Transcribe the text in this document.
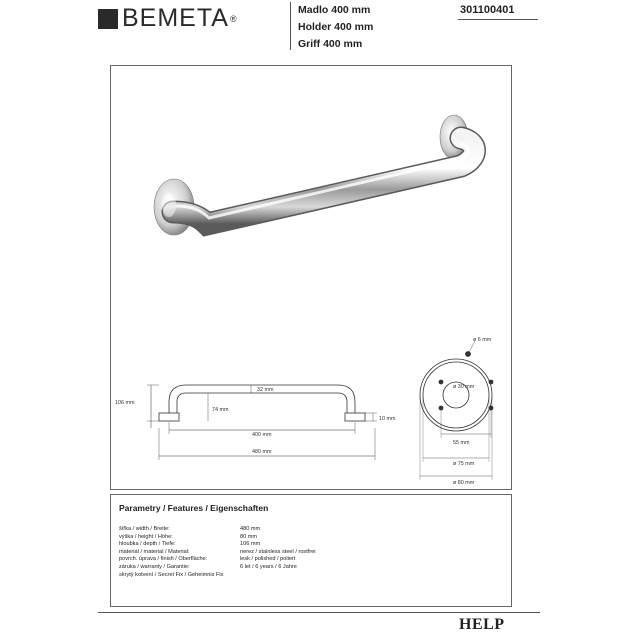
BEMETA ®
Madlo 400 mm
Holder 400 mm
Griff 400 mm
301100401
106 mm
32 mm
74 mm
10 mm
400 mm
480 mm
ø 6 mm
ø 30 mm
55 mm
ø 75 mm
ø 80 mm
Parametry / Features / Eigenschaften
šířka / width / Breite:	480 mm
výška / height / Höhe:	80 mm
hloubka / depth / Tiefe:	106 mm
materiál / material / Material:	nerez / stainless steel / rostfrei
povrch. úprava / finish / Oberfläche:	lesk / polished / poliert
záruka / warranty / Garantie:	6 let / 6 years / 6 Jahre
skrytý kotvení / Secret Fix / Geheimnis Fix
HELP
